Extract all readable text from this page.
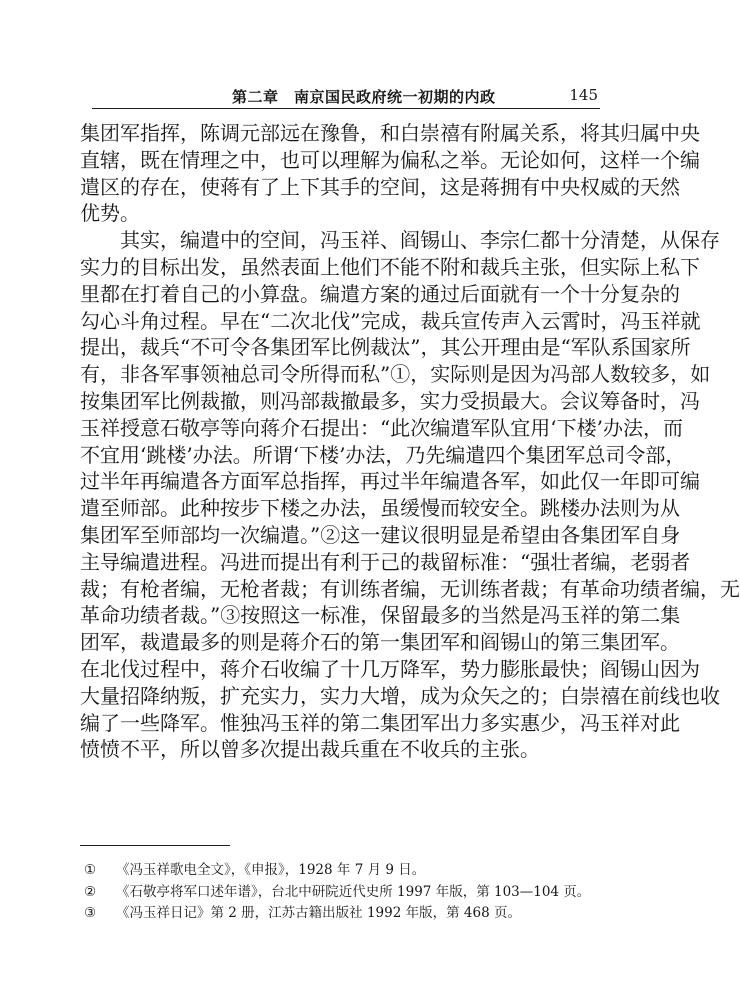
第二章　南京国民政府统一初期的内政	145
集团军指挥，陈调元部远在豫鲁，和白崇禧有附属关系，将其归属中央
直辖，既在情理之中，也可以理解为偏私之举。无论如何，这样一个编
遣区的存在，使蒋有了上下其手的空间，这是蒋拥有中央权威的天然
优势。
其实，编遣中的空间，冯玉祥、阎锡山、李宗仁都十分清楚，从保存
实力的目标出发，虽然表面上他们不能不附和裁兵主张，但实际上私下
里都在打着自己的小算盘。编遣方案的通过后面就有一个十分复杂的
勾心斗角过程。早在“二次北伐”完成，裁兵宣传声入云霄时，冯玉祥就
提出，裁兵“不可令各集团军比例裁汰”，其公开理由是“军队系国家所
有，非各军事领袖总司令所得而私”①，实际则是因为冯部人数较多，如
按集团军比例裁撤，则冯部裁撤最多，实力受损最大。会议筹备时，冯
玉祥授意石敬亭等向蒋介石提出：“此次编遣军队宜用‘下楼’办法，而
不宜用‘跳楼’办法。所谓‘下楼’办法，乃先编遣四个集团军总司令部，
过半年再编遣各方面军总指挥，再过半年编遣各军，如此仅一年即可编
遣至师部。此种按步下楼之办法，虽缓慢而较安全。跳楼办法则为从
集团军至师部均一次编遣。”②这一建议很明显是希望由各集团军自身
主导编遣进程。冯进而提出有利于己的裁留标准：“强壮者编，老弱者
裁；有枪者编，无枪者裁；有训练者编，无训练者裁；有革命功绩者编，无
革命功绩者裁。”③按照这一标准，保留最多的当然是冯玉祥的第二集
团军，裁遣最多的则是蒋介石的第一集团军和阎锡山的第三集团军。
在北伐过程中，蒋介石收编了十几万降军，势力膨胀最快；阎锡山因为
大量招降纳叛，扩充实力，实力大增，成为众矢之的；白崇禧在前线也收
编了一些降军。惟独冯玉祥的第二集团军出力多实惠少，冯玉祥对此
愤愤不平，所以曾多次提出裁兵重在不收兵的主张。
① 《冯玉祥歌电全文》，《申报》，1928 年 7 月 9 日。
② 《石敬亭将军口述年谱》，台北中研院近代史所 1997 年版，第 103—104 页。
③ 《冯玉祥日记》第 2 册，江苏古籍出版社 1992 年版，第 468 页。
